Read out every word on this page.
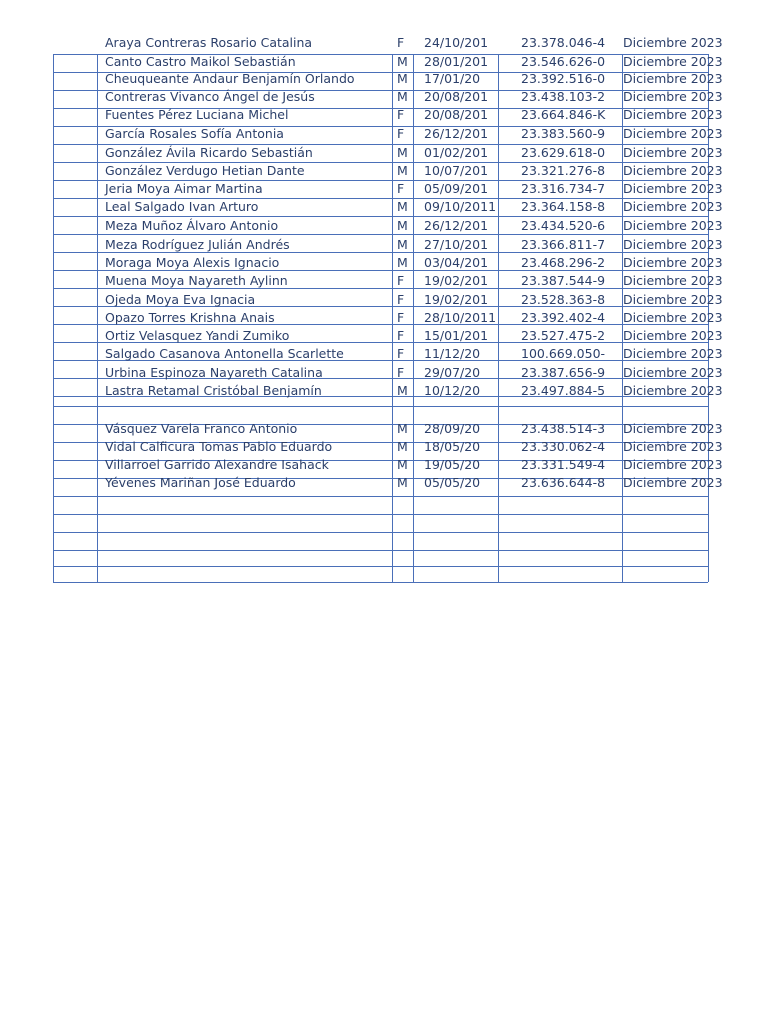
Araya Contreras Rosario Catalina	F 24/10/201	23.378.046-4 Diciembre 2023
Canto Castro Maikol Sebastián	M 28/01/201	23.546.626-0 Diciembre 2023
Cheuqueante Andaur Benjamín Orlando	M 17/01/20	23.392.516-0 Diciembre 2023
Contreras Vivanco Ángel de Jesús	M 20/08/201	23.438.103-2 Diciembre 2023
Fuentes Pérez Luciana Michel	F 20/08/201	23.664.846-K Diciembre 2023
García Rosales Sofía Antonia	F 26/12/201	23.383.560-9 Diciembre 2023
González Ávila Ricardo Sebastián	M 01/02/201	23.629.618-0 Diciembre 2023
González Verdugo Hetian Dante	M 10/07/201	23.321.276-8 Diciembre 2023
Jeria Moya Aimar Martina	F 05/09/201	23.316.734-7 Diciembre 2023
Leal Salgado Ivan Arturo	M 09/10/2011 23.364.158-8 Diciembre 2023
Meza Muñoz Álvaro Antonio	M 26/12/201	23.434.520-6 Diciembre 2023
Meza Rodríguez Julián Andrés	M 27/10/201	23.366.811-7 Diciembre 2023
Moraga Moya Alexis Ignacio	M 03/04/201	23.468.296-2 Diciembre 2023
Muena Moya Nayareth Aylinn	F 19/02/201	23.387.544-9 Diciembre 2023
Ojeda Moya Eva Ignacia	F 19/02/201	23.528.363-8 Diciembre 2023
Opazo Torres Krishna Anais	F 28/10/2011 23.392.402-4 Diciembre 2023
Ortiz Velasquez Yandi Zumiko	F 15/01/201	23.527.475-2 Diciembre 2023
Salgado Casanova Antonella Scarlette	F 11/12/20	100.669.050- Diciembre 2023
Urbina Espinoza Nayareth Catalina	F 29/07/20	23.387.656-9 Diciembre 2023
Lastra Retamal Cristóbal Benjamín	M 10/12/20	23.497.884-5 Diciembre 2023
Vásquez Varela Franco Antonio	M 28/09/20	23.438.514-3 Diciembre 2023
Vidal Calficura Tomas Pablo Eduardo	M 18/05/20	23.330.062-4 Diciembre 2023
Villarroel Garrido Alexandre Isahack	M 19/05/20	23.331.549-4 Diciembre 2023
Yévenes Mariñan José Eduardo	M 05/05/20	23.636.644-8 Diciembre 2023
